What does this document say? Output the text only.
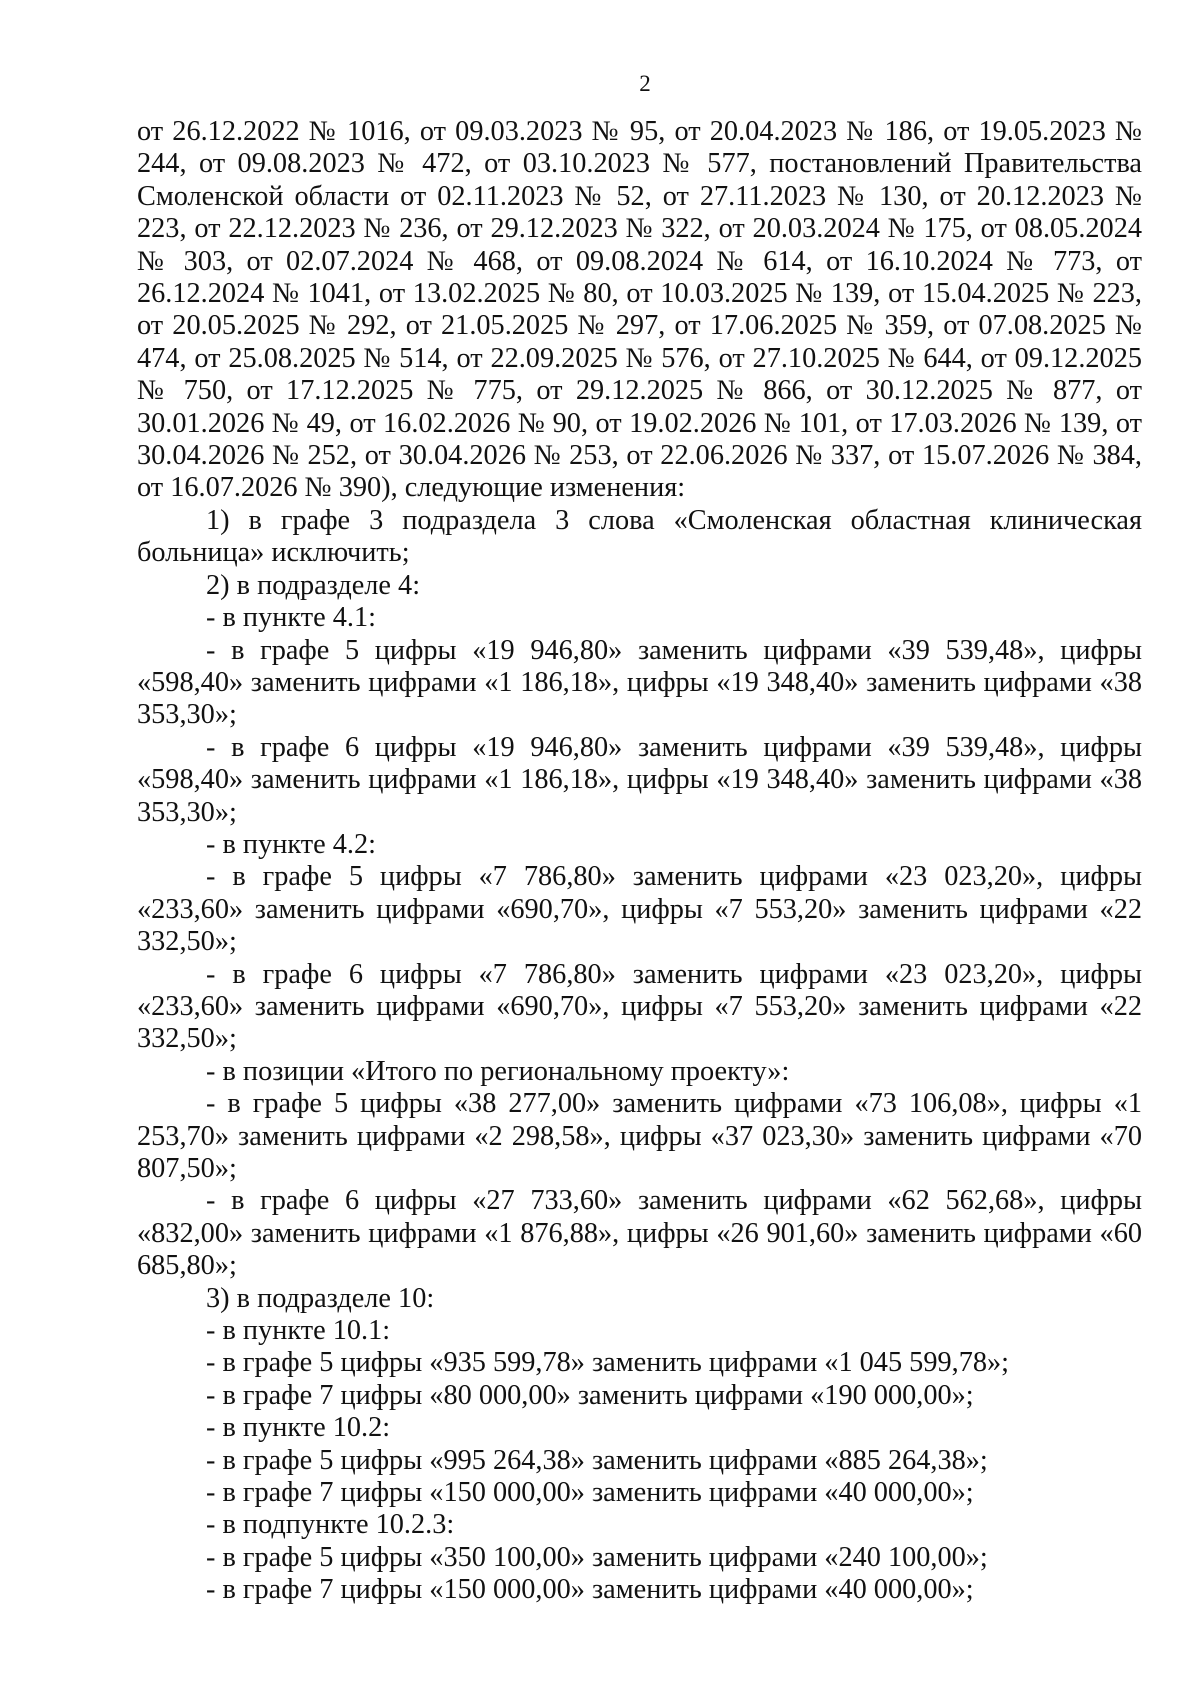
2

от 26.12.2022 № 1016, от 09.03.2023 № 95, от 20.04.2023 № 186, от 19.05.2023 № 244, от 09.08.2023 № 472, от 03.10.2023 № 577, постановлений Правительства Смоленской области от 02.11.2023 № 52, от 27.11.2023 № 130, от 20.12.2023 № 223, от 22.12.2023 № 236, от 29.12.2023 № 322, от 20.03.2024 № 175, от 08.05.2024 № 303, от 02.07.2024 № 468, от 09.08.2024 № 614, от 16.10.2024 № 773, от 26.12.2024 № 1041, от 13.02.2025 № 80, от 10.03.2025 № 139, от 15.04.2025 № 223, от 20.05.2025 № 292, от 21.05.2025 № 297, от 17.06.2025 № 359, от 07.08.2025 № 474, от 25.08.2025 № 514, от 22.09.2025 № 576, от 27.10.2025 № 644, от 09.12.2025 № 750, от 17.12.2025 № 775, от 29.12.2025 № 866, от 30.12.2025 № 877, от 30.01.2026 № 49, от 16.02.2026 № 90, от 19.02.2026 № 101, от 17.03.2026 № 139, от 30.04.2026 № 252, от 30.04.2026 № 253, от 22.06.2026 № 337, от 15.07.2026 № 384, от 16.07.2026 № 390), следующие изменения:

1) в графе 3 подраздела 3 слова «Смоленская областная клиническая больница» исключить;

2) в подразделе 4:

- в пункте 4.1:

- в графе 5 цифры «19 946,80» заменить цифрами «39 539,48», цифры «598,40» заменить цифрами «1 186,18», цифры «19 348,40» заменить цифрами «38 353,30»;

- в графе 6 цифры «19 946,80» заменить цифрами «39 539,48», цифры «598,40» заменить цифрами «1 186,18», цифры «19 348,40» заменить цифрами «38 353,30»;

- в пункте 4.2:

- в графе 5 цифры «7 786,80» заменить цифрами «23 023,20», цифры «233,60» заменить цифрами «690,70», цифры «7 553,20» заменить цифрами «22 332,50»;

- в графе 6 цифры «7 786,80» заменить цифрами «23 023,20», цифры «233,60» заменить цифрами «690,70», цифры «7 553,20» заменить цифрами «22 332,50»;

- в позиции «Итого по региональному проекту»:

- в графе 5 цифры «38 277,00» заменить цифрами «73 106,08», цифры «1 253,70» заменить цифрами «2 298,58», цифры «37 023,30» заменить цифрами «70 807,50»;

- в графе 6 цифры «27 733,60» заменить цифрами «62 562,68», цифры «832,00» заменить цифрами «1 876,88», цифры «26 901,60» заменить цифрами «60 685,80»;

3) в подразделе 10:

- в пункте 10.1:

- в графе 5 цифры «935 599,78» заменить цифрами «1 045 599,78»;

- в графе 7 цифры «80 000,00» заменить цифрами «190 000,00»;

- в пункте 10.2:

- в графе 5 цифры «995 264,38» заменить цифрами «885 264,38»;

- в графе 7 цифры «150 000,00» заменить цифрами «40 000,00»;

- в подпункте 10.2.3:

- в графе 5 цифры «350 100,00» заменить цифрами «240 100,00»;

- в графе 7 цифры «150 000,00» заменить цифрами «40 000,00»;
